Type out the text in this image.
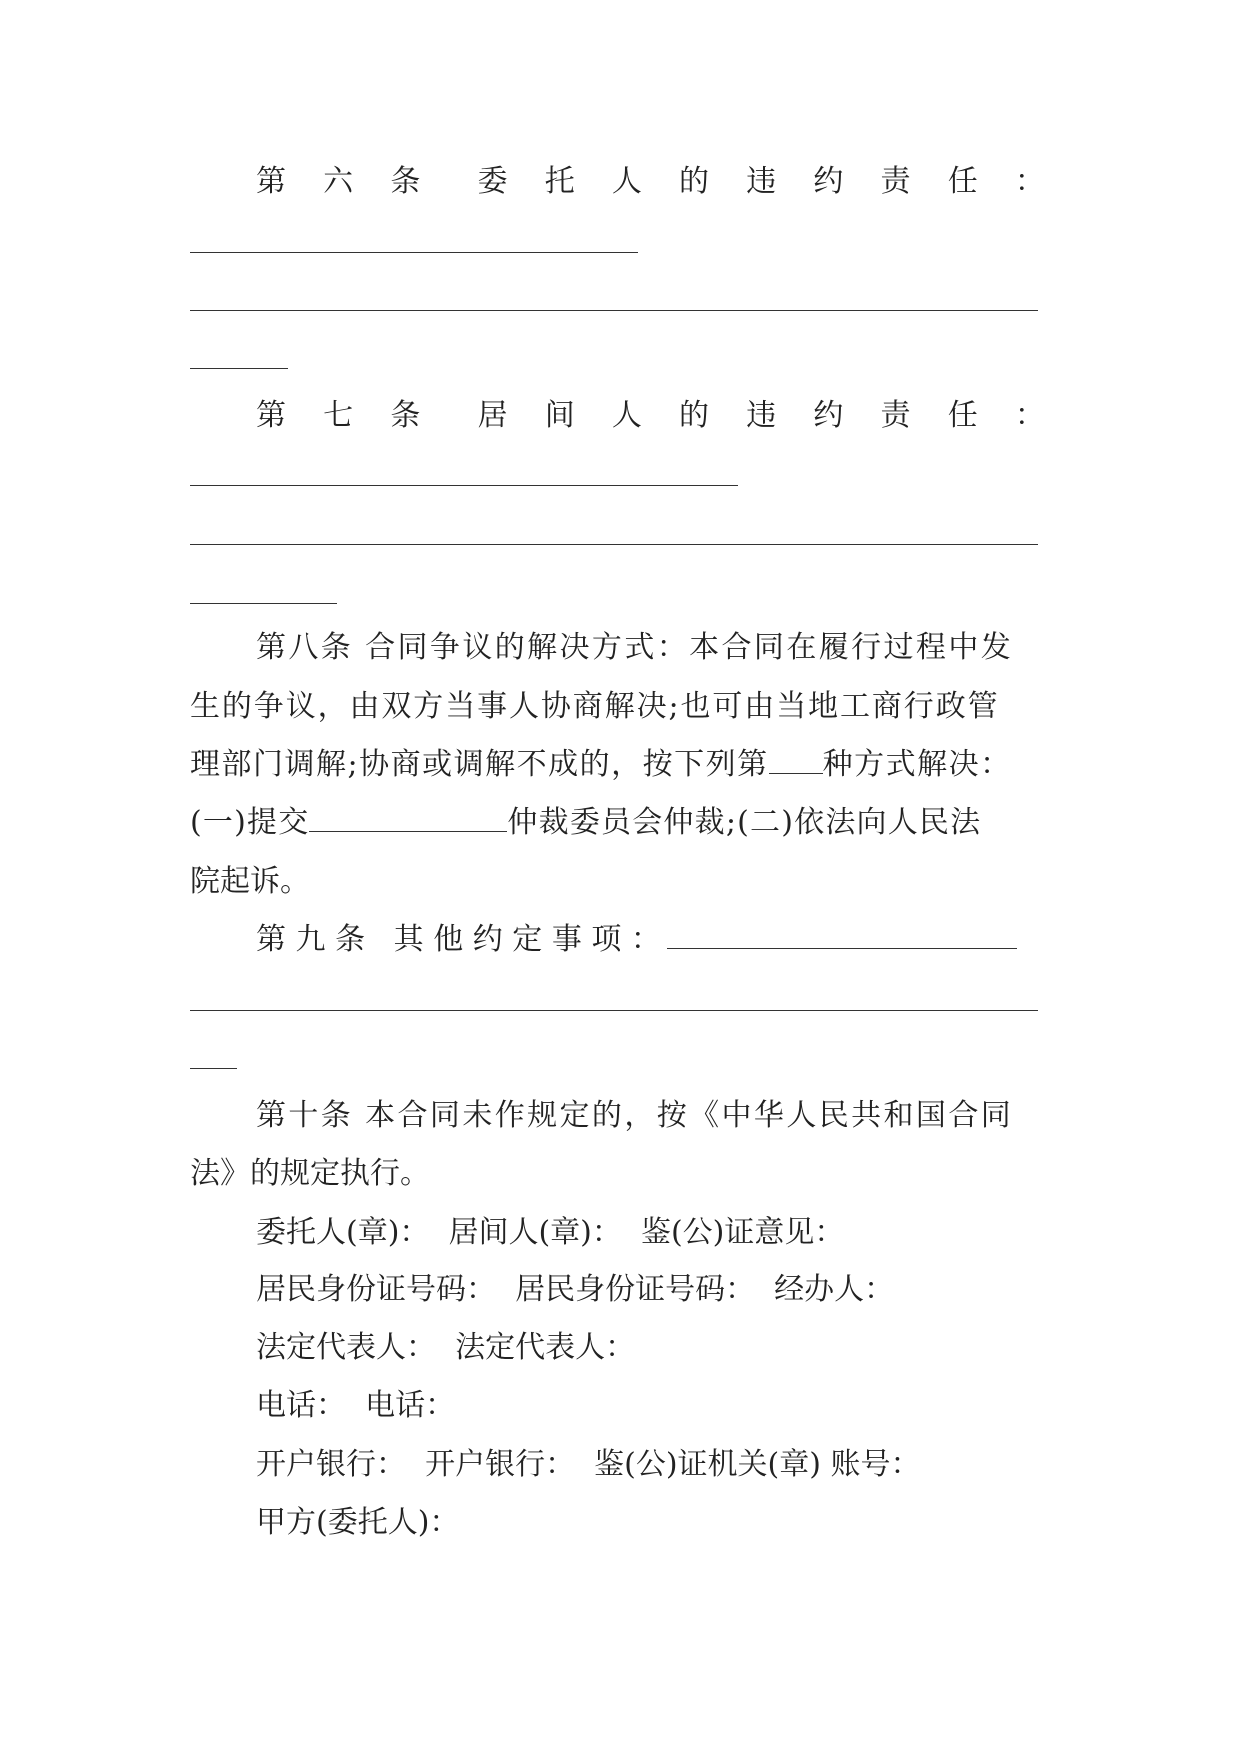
第 六 条 委 托 人 的 违 约 责 任 ：
第 七 条 居 间 人 的 违 约 责 任 ：
第八条 合同争议的解决方式：本合同在履行过程中发
生的争议，由双方当事人协商解决;也可由当地工商行政管
理部门调解;协商或调解不成的，按下列第 种方式解决：
(一)提交	仲裁委员会仲裁;(二)依法向人民法
院起诉。
第 九 条   其 他 约 定 事 项 ：
第十条 本合同未作规定的，按《中华人民共和国合同
法》的规定执行。
委托人(章)：  居间人(章)：  鉴(公)证意见：
居民身份证号码：  居民身份证号码：  经办人：
法定代表人：  法定代表人：
电话：  电话：
开户银行：  开户银行：  鉴(公)证机关(章) 账号：
甲方(委托人)：
